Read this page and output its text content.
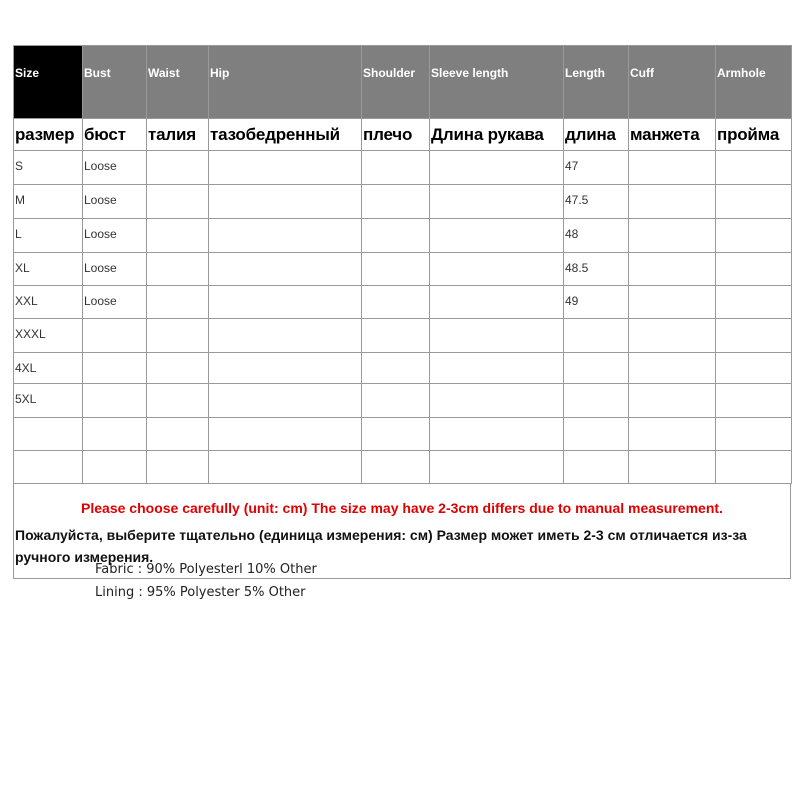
Size	Bust	Waist	Hip	Shoulder	Sleeve length	Length	Cuff	Armhole
размер	бюст	талия	тазобедренный	плечо	Длина рукава	длина	манжета	пройма
S	Loose					47		
M	Loose					47.5		
L	Loose					48		
XL	Loose					48.5		
XXL	Loose					49		
XXXL								
4XL								
5XL								

Please choose carefully (unit: cm) The size may have 2-3cm differs due to manual measurement.
Пожалуйста, выберите тщательно (единица измерения: см) Размер может иметь 2-3 см отличается из-за ручного измерения.
Fabric : 90% Polyesterl 10% Other
Lining : 95% Polyester 5% Other
